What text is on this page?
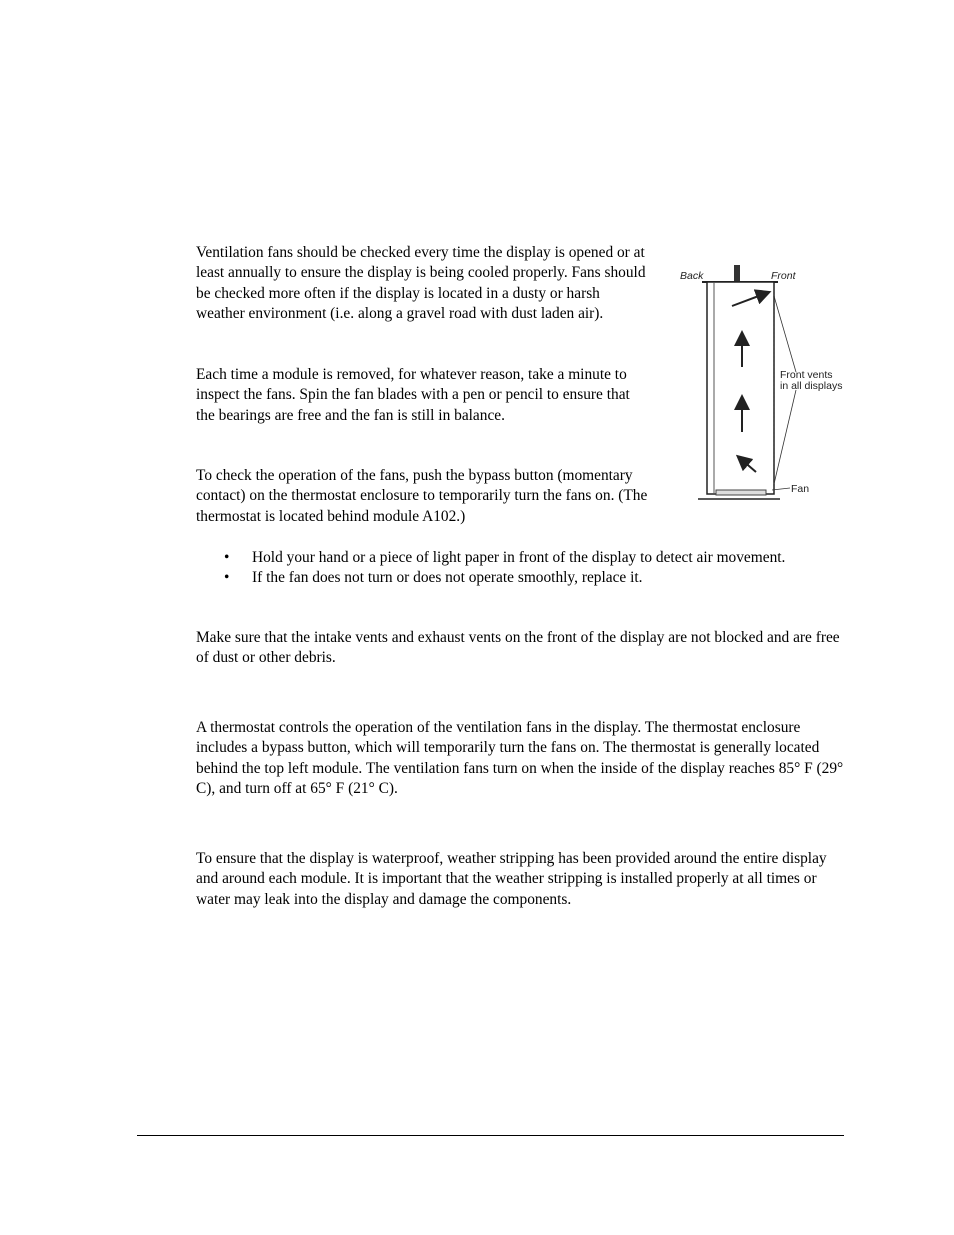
Ventilation fans should be checked every time the display is opened or at least annually to ensure the display is being cooled properly. Fans should be checked more often if the display is located in a dusty or harsh weather environment (i.e. along a gravel road with dust laden air).

Each time a module is removed, for whatever reason, take a minute to inspect the fans. Spin the fan blades with a pen or pencil to ensure that the bearings are free and the fan is still in balance.

To check the operation of the fans, push the bypass button (momentary contact) on the thermostat enclosure to temporarily turn the fans on. (The thermostat is located behind module A102.)

• Hold your hand or a piece of light paper in front of the display to detect air movement.
• If the fan does not turn or does not operate smoothly, replace it.

Make sure that the intake vents and exhaust vents on the front of the display are not blocked and are free of dust or other debris.

A thermostat controls the operation of the ventilation fans in the display. The thermostat enclosure includes a bypass button, which will temporarily turn the fans on. The thermostat is generally located behind the top left module. The ventilation fans turn on when the inside of the display reaches 85° F (29° C), and turn off at 65° F (21° C).

To ensure that the display is waterproof, weather stripping has been provided around the entire display and around each module. It is important that the weather stripping is installed properly at all times or water may leak into the display and damage the components.

Back	Front
Front vents
in all displays
Fan
